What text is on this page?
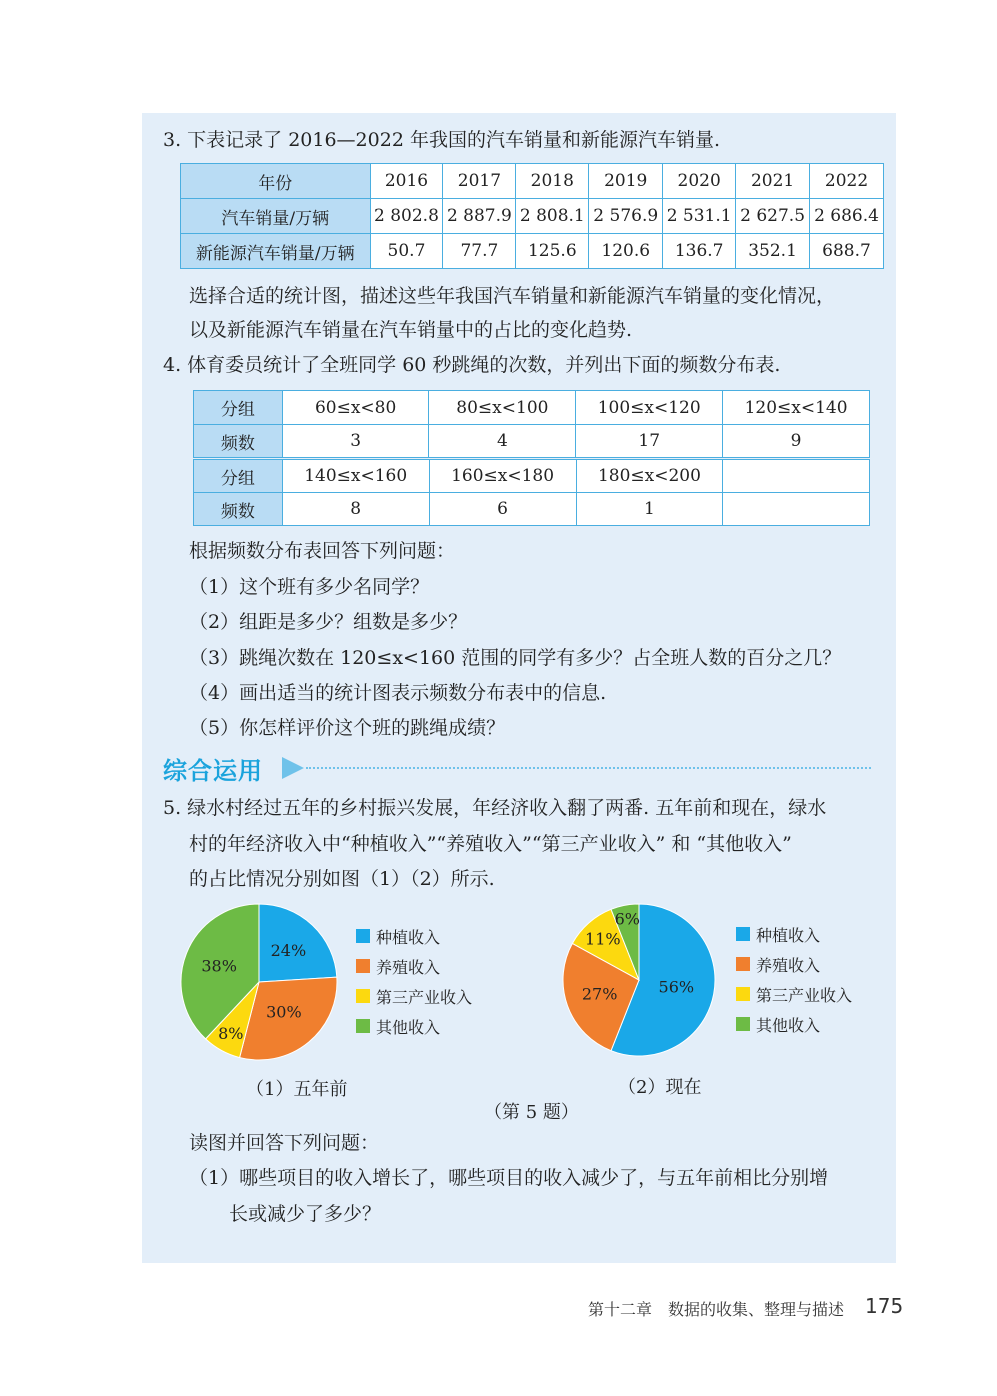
3. 下表记录了 2016—2022 年我国的汽车销量和新能源汽车销量.
年份	2016	2017	2018	2019	2020	2021	2022
汽车销量/万辆	2 802.8	2 887.9	2 808.1	2 576.9	2 531.1	2 627.5	2 686.4
新能源汽车销量/万辆	50.7	77.7	125.6	120.6	136.7	352.1	688.7
选择合适的统计图，描述这些年我国汽车销量和新能源汽车销量的变化情况，
以及新能源汽车销量在汽车销量中的占比的变化趋势.
4. 体育委员统计了全班同学 60 秒跳绳的次数，并列出下面的频数分布表.
分组	60≤x<80	80≤x<100	100≤x<120	120≤x<140
频数	3	4	17	9
分组	140≤x<160	160≤x<180	180≤x<200	
频数	8	6	1	
根据频数分布表回答下列问题：
（1）这个班有多少名同学？
（2）组距是多少？组数是多少？
（3）跳绳次数在 120≤x<160 范围的同学有多少？占全班人数的百分之几？
（4）画出适当的统计图表示频数分布表中的信息.
（5）你怎样评价这个班的跳绳成绩？
综合运用
5. 绿水村经过五年的乡村振兴发展，年经济收入翻了两番. 五年前和现在，绿水
村的年经济收入中“种植收入”“养殖收入”“第三产业收入” 和 “其他收入”
的占比情况分别如图（1）（2）所示.
24%
30%
8%
38%
56%
27%
11%
6%
种植收入
养殖收入
第三产业收入
其他收入
种植收入
养殖收入
第三产业收入
其他收入
（1）五年前	（2）现在
（第 5 题）
读图并回答下列问题：
（1）哪些项目的收入增长了，哪些项目的收入减少了，与五年前相比分别增
长或减少了多少？
第十二章　数据的收集、整理与描述 175
